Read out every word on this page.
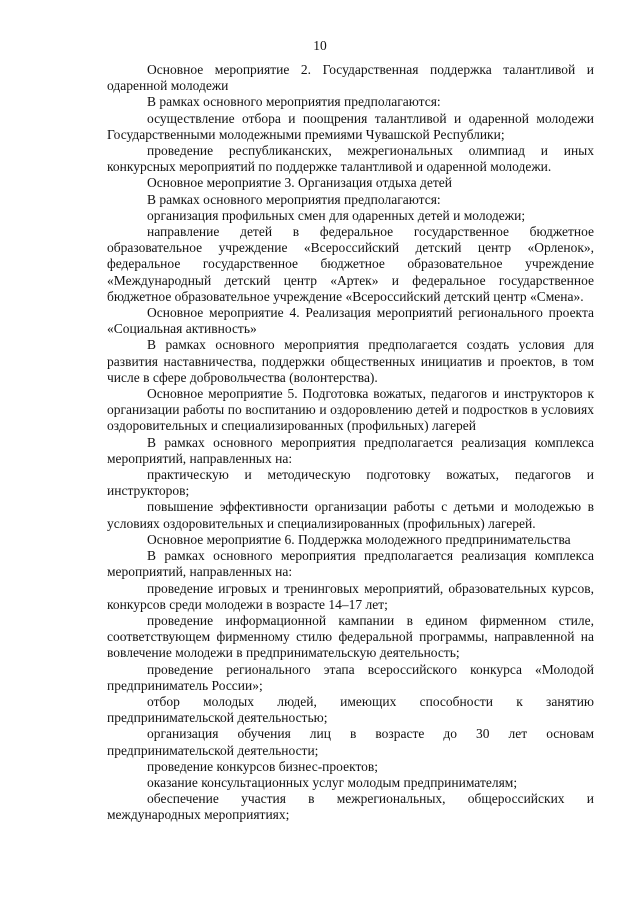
10

Основное мероприятие 2. Государственная поддержка талантливой и одаренной молодежи

В рамках основного мероприятия предполагаются:

осуществление отбора и поощрения талантливой и одаренной молодежи Государственными молодежными премиями Чувашской Республики;

проведение республиканских, межрегиональных олимпиад и иных конкурсных мероприятий по поддержке талантливой и одаренной молодежи.

Основное мероприятие 3. Организация отдыха детей

В рамках основного мероприятия предполагаются:

организация профильных смен для одаренных детей и молодежи;

направление детей в федеральное государственное бюджетное образовательное учреждение «Всероссийский детский центр «Орленок», федеральное государственное бюджетное образовательное учреждение «Международный детский центр «Артек» и федеральное государственное бюджетное образовательное учреждение «Всероссийский детский центр «Смена».

Основное мероприятие 4. Реализация мероприятий регионального проекта «Социальная активность»

В рамках основного мероприятия предполагается создать условия для развития наставничества, поддержки общественных инициатив и проектов, в том числе в сфере добровольчества (волонтерства).

Основное мероприятие 5. Подготовка вожатых, педагогов и инструкторов к организации работы по воспитанию и оздоровлению детей и подростков в условиях оздоровительных и специализированных (профильных) лагерей

В рамках основного мероприятия предполагается реализация комплекса мероприятий, направленных на:

практическую и методическую подготовку вожатых, педагогов и инструкторов;

повышение эффективности организации работы с детьми и молодежью в условиях оздоровительных и специализированных (профильных) лагерей.

Основное мероприятие 6. Поддержка молодежного предпринимательства

В рамках основного мероприятия предполагается реализация комплекса мероприятий, направленных на:

проведение игровых и тренинговых мероприятий, образовательных курсов, конкурсов среди молодежи в возрасте 14–17 лет;

проведение информационной кампании в едином фирменном стиле, соответствующем фирменному стилю федеральной программы, направленной на вовлечение молодежи в предпринимательскую деятельность;

проведение регионального этапа всероссийского конкурса «Молодой предприниматель России»;

отбор молодых людей, имеющих способности к занятию предпринимательской деятельностью;

организация обучения лиц в возрасте до 30 лет основам предпринимательской деятельности;

проведение конкурсов бизнес-проектов;

оказание консультационных услуг молодым предпринимателям;

обеспечение участия в межрегиональных, общероссийских и международных мероприятиях;
